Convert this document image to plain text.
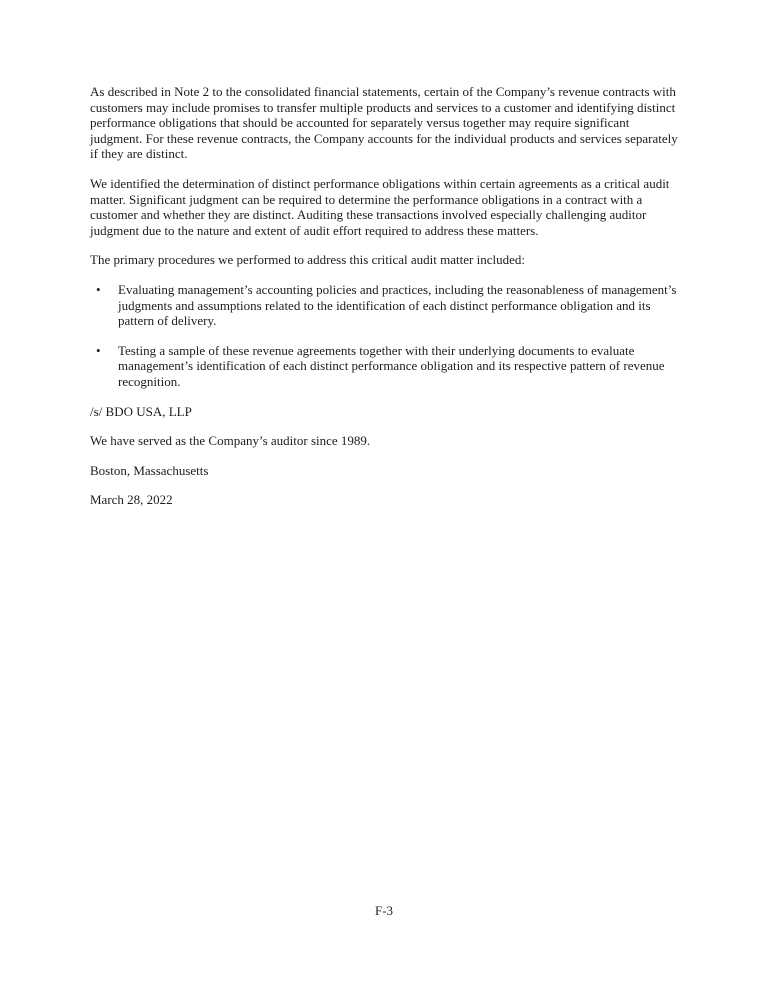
As described in Note 2 to the consolidated financial statements, certain of the Company’s revenue contracts with customers may include promises to transfer multiple products and services to a customer and identifying distinct performance obligations that should be accounted for separately versus together may require significant judgment. For these revenue contracts, the Company accounts for the individual products and services separately if they are distinct.

We identified the determination of distinct performance obligations within certain agreements as a critical audit matter. Significant judgment can be required to determine the performance obligations in a contract with a customer and whether they are distinct. Auditing these transactions involved especially challenging auditor judgment due to the nature and extent of audit effort required to address these matters.

The primary procedures we performed to address this critical audit matter included:

• Evaluating management’s accounting policies and practices, including the reasonableness of management’s judgments and assumptions related to the identification of each distinct performance obligation and its pattern of delivery.
• Testing a sample of these revenue agreements together with their underlying documents to evaluate management’s identification of each distinct performance obligation and its respective pattern of revenue recognition.

/s/ BDO USA, LLP

We have served as the Company’s auditor since 1989.

Boston, Massachusetts

March 28, 2022

F-3
